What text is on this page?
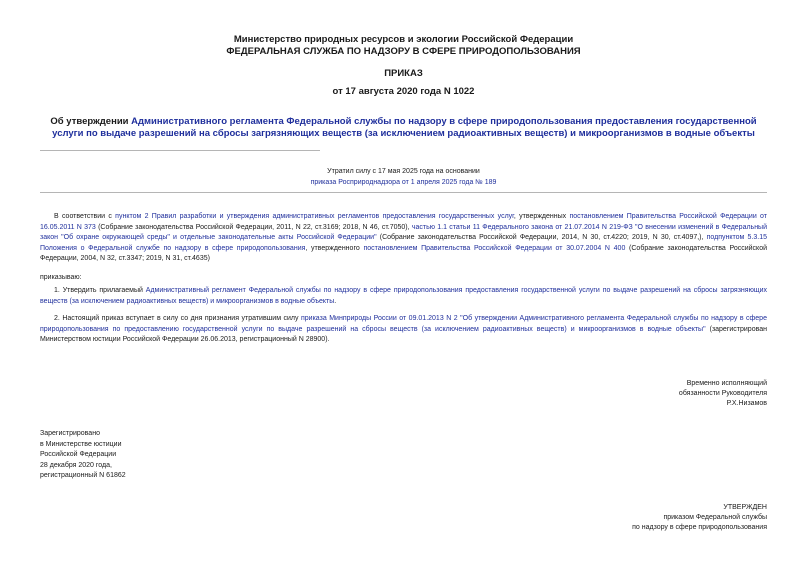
Министерство природных ресурсов и экологии Российской Федерации
ФЕДЕРАЛЬНАЯ СЛУЖБА ПО НАДЗОРУ В СФЕРЕ ПРИРОДОПОЛЬЗОВАНИЯ
ПРИКАЗ
от 17 августа 2020 года N 1022
Об утверждении Административного регламента Федеральной службы по надзору в сфере природопользования предоставления государственной услуги по выдаче разрешений на сбросы загрязняющих веществ (за исключением радиоактивных веществ) и микроорганизмов в водные объекты
Утратил силу с 17 мая 2025 года на основании
приказа Росприроднадзора от 1 апреля 2025 года № 189
В соответствии с пунктом 2 Правил разработки и утверждения административных регламентов предоставления государственных услуг, утвержденных постановлением Правительства Российской Федерации от 16.05.2011 N 373 (Собрание законодательства Российской Федерации, 2011, N 22, ст.3169; 2018, N 46, ст.7050), частью 1.1 статьи 11 Федерального закона от 21.07.2014 N 219-ФЗ "О внесении изменений в Федеральный закон "Об охране окружающей среды" и отдельные законодательные акты Российской Федерации" (Собрание законодательства Российской Федерации, 2014, N 30, ст.4220; 2019, N 30, ст.4097,), подпунктом 5.3.15 Положения о Федеральной службе по надзору в сфере природопользования, утвержденного постановлением Правительства Российской Федерации от 30.07.2004 N 400 (Собрание законодательства Российской Федерации, 2004, N 32, ст.3347; 2019, N 31, ст.4635)
приказываю:
1. Утвердить прилагаемый Административный регламент Федеральной службы по надзору в сфере природопользования предоставления государственной услуги по выдаче разрешений на сбросы загрязняющих веществ (за исключением радиоактивных веществ) и микроорганизмов в водные объекты.
2. Настоящий приказ вступает в силу со дня признания утратившим силу приказа Минприроды России от 09.01.2013 N 2 "Об утверждении Административного регламента Федеральной службы по надзору в сфере природопользования по предоставлению государственной услуги по выдаче разрешений на сбросы веществ (за исключением радиоактивных веществ) и микроорганизмов в водные объекты" (зарегистрирован Министерством юстиции Российской Федерации 26.06.2013, регистрационный N 28900).
Временно исполняющий
обязанности Руководителя
Р.Х.Низамов
Зарегистрировано
в Министерстве юстиции
Российской Федерации
28 декабря 2020 года,
регистрационный N 61862
УТВЕРЖДЕН
приказом Федеральной службы
по надзору в сфере природопользования
